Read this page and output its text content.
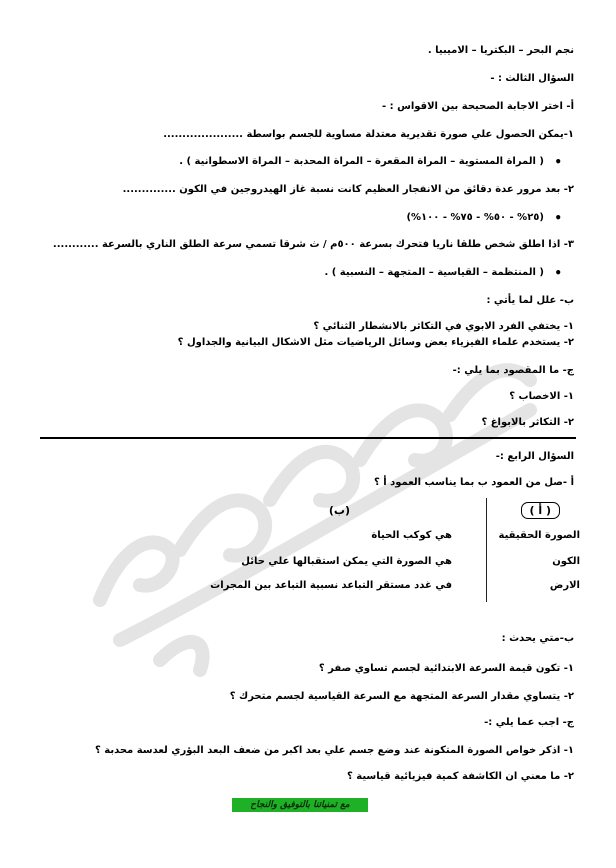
نجم البحر – البكتريا – الاميبيا .
السؤال الثالث : -
أ- اختر الاجابة الصحيحة بين الاقواس : -
١-يمكن الحصول علي صورة تقديرية معتدلة مساوية للجسم بواسطة .....................
• ( المراة المستوية – المراة المقعرة – المراة المحدبة – المراة الاسطوانية ) .
٢- بعد مرور عدة دقائق من الانفجار العظيم كانت نسبة غاز الهيدروجين في الكون ..............
• (٢٥% - ٥٠% - ٧٥% - ١٠٠%)
٣- اذا اطلق شخص طلقا ناريا فتحرك بسرعة ٥٠٠م / ث شرقا تسمي سرعة الطلق الناري بالسرعة ............
• ( المنتظمة – القياسية – المتجهة – النسبية ) .
ب- علل لما يأتي :
١- يختفي الفرد الابوي في التكاثر بالانشطار الثنائي ؟
٢- يستخدم علماء الفيزياء بعض وسائل الرياضيات مثل الاشكال البيانية والجداول ؟
ج- ما المقصود بما يلي :-
١- الاخصاب ؟
٢- التكاثر بالابواغ ؟
السؤال الرابع :-
أ -صل من العمود ب بما يناسب العمود أ ؟
( أ )
(ب)
الصورة الحقيقية
الكون
الارض
هي كوكب الحياة
هي الصورة التي يمكن استقبالها علي حائل
في غدد مستقر التباعد نسبية التباعد بين المجرات
ب-متي يحدث :
١- تكون قيمة السرعة الابتدائية لجسم تساوي صفر ؟
٢- يتساوي مقدار السرعة المتجهة مع السرعة القياسية لجسم متحرك ؟
ج- اجب عما يلي :-
١- اذكر خواص الصورة المتكونة عند وضع جسم علي بعد اكبر من ضعف البعد البؤري لعدسة محدبة ؟
٢- ما معني ان الكاشفة كمية فيزيائية قياسية ؟
مع تمنياتنا بالتوفيق والنجاح
